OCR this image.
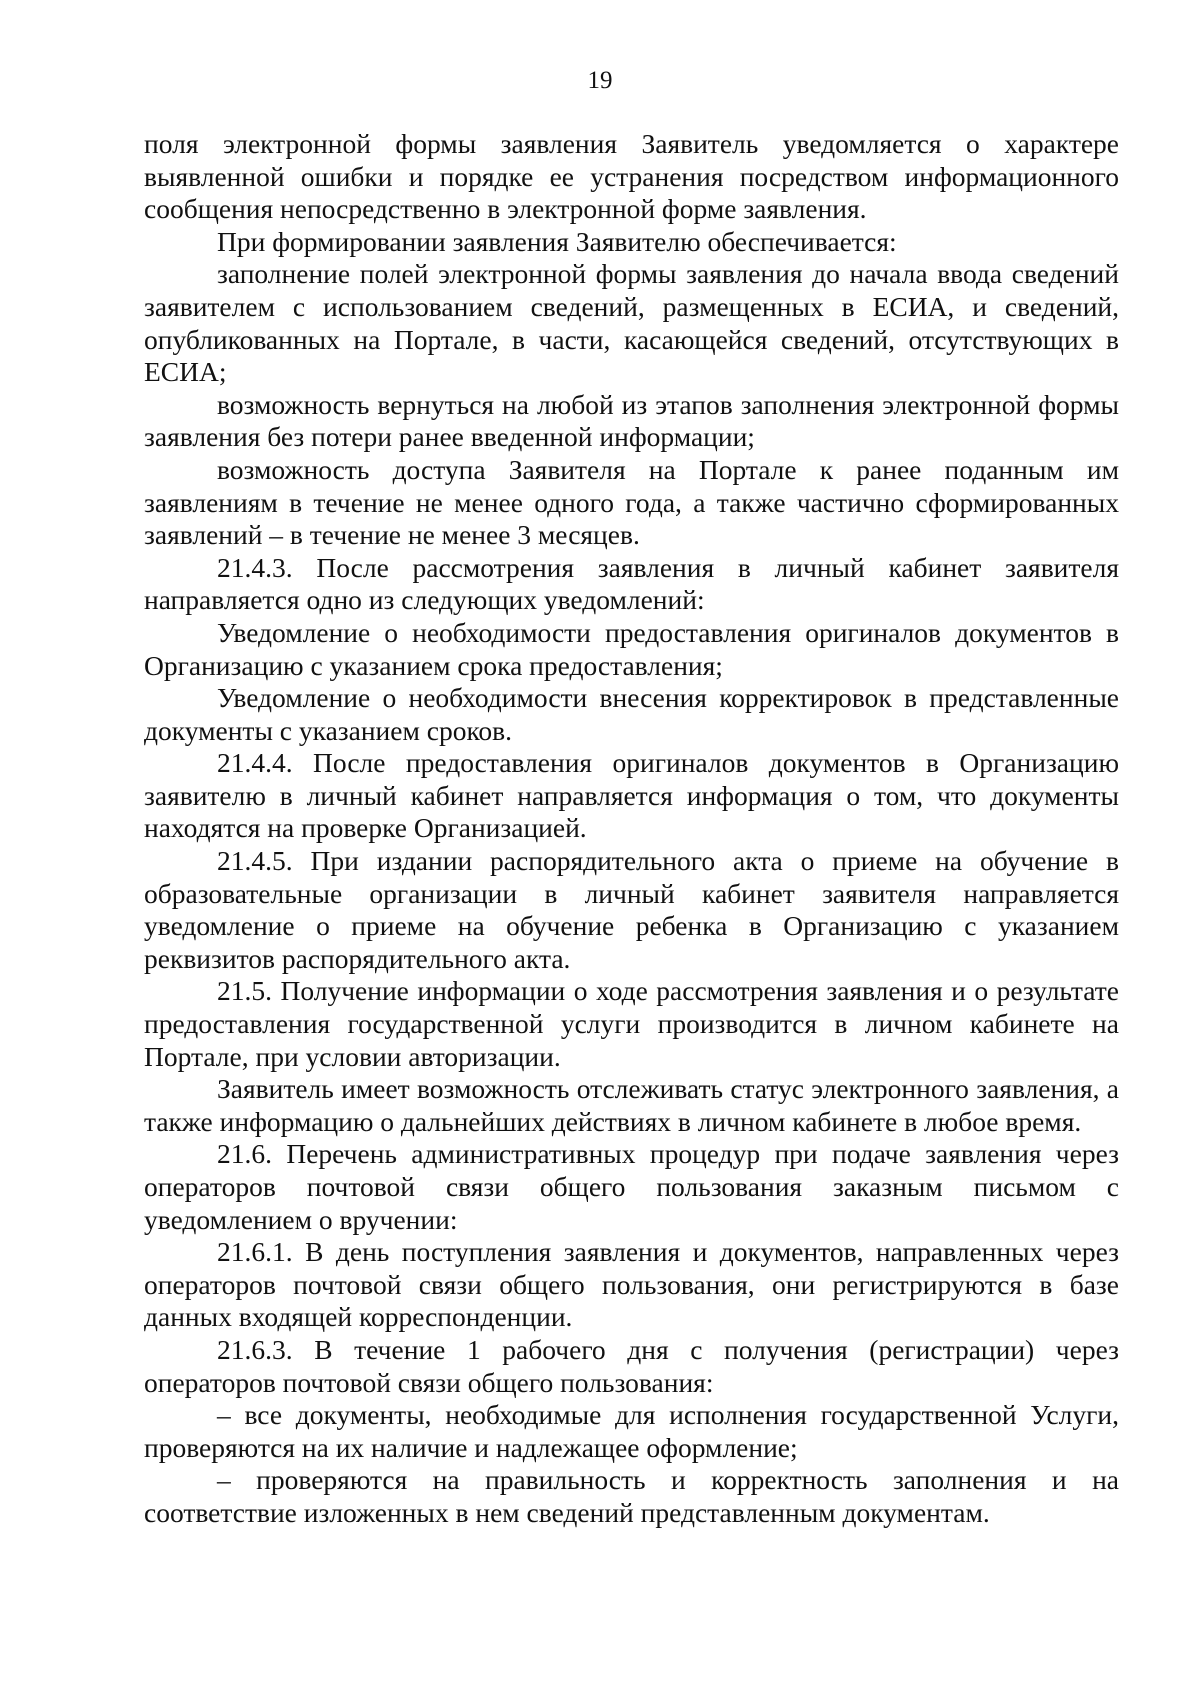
19

поля электронной формы заявления Заявитель уведомляется о характере выявленной ошибки и порядке ее устранения посредством информационного сообщения непосредственно в электронной форме заявления.

При формировании заявления Заявителю обеспечивается:

заполнение полей электронной формы заявления до начала ввода сведений заявителем с использованием сведений, размещенных в ЕСИА, и сведений, опубликованных на Портале, в части, касающейся сведений, отсутствующих в ЕСИА;

возможность вернуться на любой из этапов заполнения электронной формы заявления без потери ранее введенной информации;

возможность доступа Заявителя на Портале к ранее поданным им заявлениям в течение не менее одного года, а также частично сформированных заявлений – в течение не менее 3 месяцев.

21.4.3. После рассмотрения заявления в личный кабинет заявителя направляется одно из следующих уведомлений:

Уведомление о необходимости предоставления оригиналов документов в Организацию с указанием срока предоставления;

Уведомление о необходимости внесения корректировок в представленные документы с указанием сроков.

21.4.4. После предоставления оригиналов документов в Организацию заявителю в личный кабинет направляется информация о том, что документы находятся на проверке Организацией.

21.4.5. При издании распорядительного акта о приеме на обучение в образовательные организации в личный кабинет заявителя направляется уведомление о приеме на обучение ребенка в Организацию с указанием реквизитов распорядительного акта.

21.5. Получение информации о ходе рассмотрения заявления и о результате предоставления государственной услуги производится в личном кабинете на Портале, при условии авторизации.

Заявитель имеет возможность отслеживать статус электронного заявления, а также информацию о дальнейших действиях в личном кабинете в любое время.

21.6. Перечень административных процедур при подаче заявления через операторов почтовой связи общего пользования заказным письмом с уведомлением о вручении:

21.6.1. В день поступления заявления и документов, направленных через операторов почтовой связи общего пользования, они регистрируются в базе данных входящей корреспонденции.

21.6.3. В течение 1 рабочего дня с получения (регистрации) через операторов почтовой связи общего пользования:

– все документы, необходимые для исполнения государственной Услуги, проверяются на их наличие и надлежащее оформление;

– проверяются на правильность и корректность заполнения и на соответствие изложенных в нем сведений представленным документам.
